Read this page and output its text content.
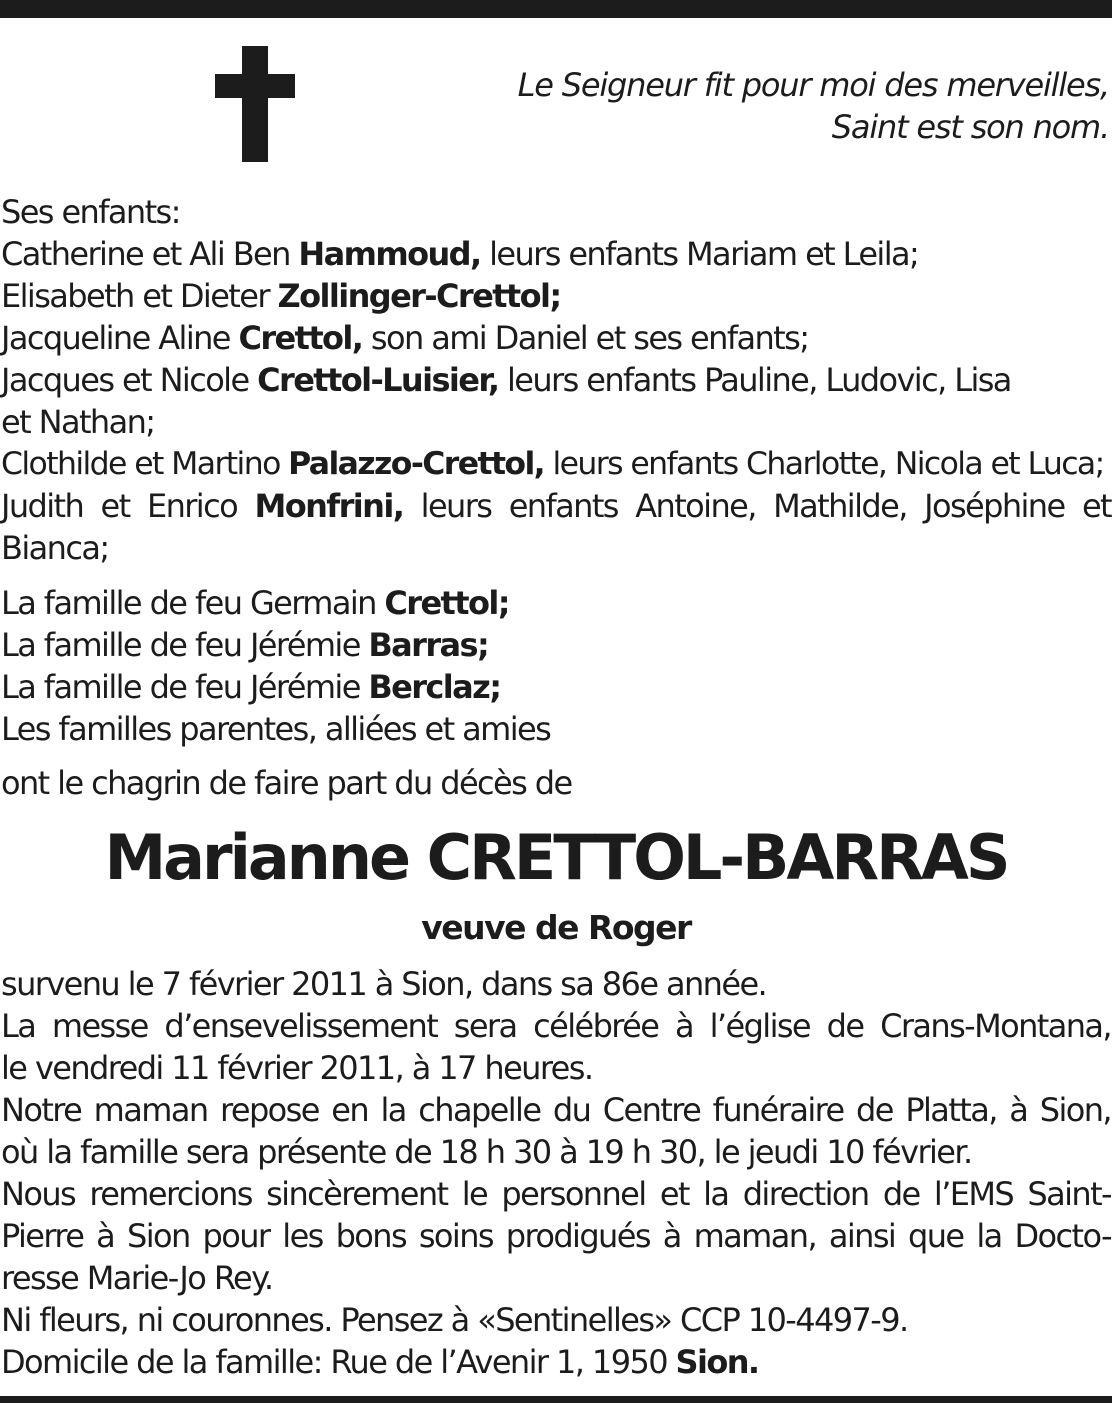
Le Seigneur fit pour moi des merveilles,
Saint est son nom.
Ses enfants:
Catherine et Ali Ben Hammoud, leurs enfants Mariam et Leila;
Elisabeth et Dieter Zollinger-Crettol;
Jacqueline Aline Crettol, son ami Daniel et ses enfants;
Jacques et Nicole Crettol-Luisier, leurs enfants Pauline, Ludovic, Lisa
et Nathan;
Clothilde et Martino Palazzo-Crettol, leurs enfants Charlotte, Nicola et Luca;
Judith et Enrico Monfrini, leurs enfants Antoine, Mathilde, Joséphine et
Bianca;
La famille de feu Germain Crettol;
La famille de feu Jérémie Barras;
La famille de feu Jérémie Berclaz;
Les familles parentes, alliées et amies
ont le chagrin de faire part du décès de
Marianne CRETTOL-BARRAS
veuve de Roger
survenu le 7 février 2011 à Sion, dans sa 86e année.
La messe d’ensevelissement sera célébrée à l’église de Crans-Montana,
le vendredi 11 février 2011, à 17 heures.
Notre maman repose en la chapelle du Centre funéraire de Platta, à Sion,
où la famille sera présente de 18 h 30 à 19 h 30, le jeudi 10 février.
Nous remercions sincèrement le personnel et la direction de l’EMS Saint-
Pierre à Sion pour les bons soins prodigués à maman, ainsi que la Docto-
resse Marie-Jo Rey.
Ni fleurs, ni couronnes. Pensez à «Sentinelles» CCP 10-4497-9.
Domicile de la famille: Rue de l’Avenir 1, 1950 Sion.
